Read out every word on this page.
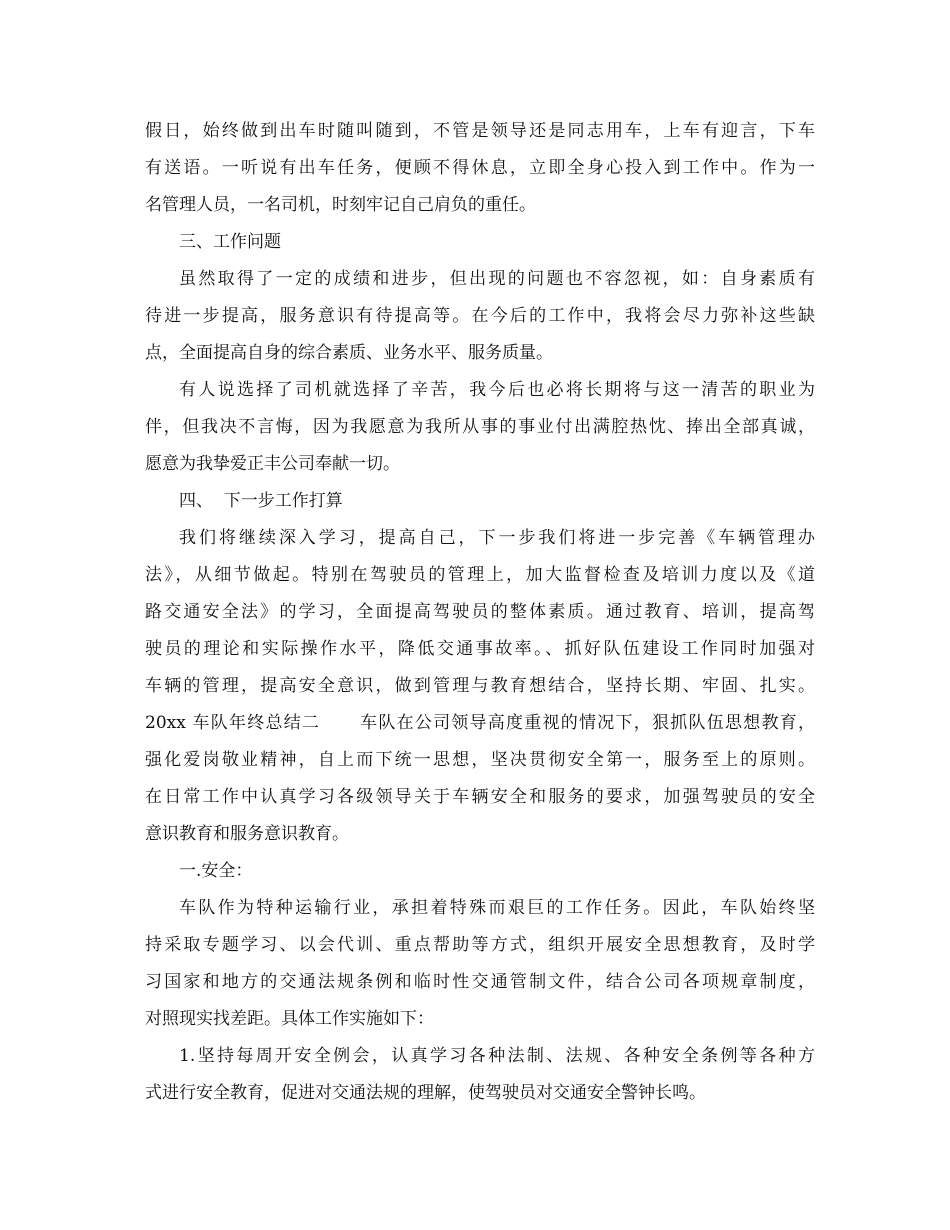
假日，始终做到出车时随叫随到，不管是领导还是同志用车，上车有迎言，下车
有送语。一听说有出车任务，便顾不得休息，立即全身心投入到工作中。作为一
名管理人员，一名司机，时刻牢记自己肩负的重任。
三、工作问题
虽然取得了一定的成绩和进步，但出现的问题也不容忽视，如：自身素质有
待进一步提高，服务意识有待提高等。在今后的工作中，我将会尽力弥补这些缺
点，全面提高自身的综合素质、业务水平、服务质量。
有人说选择了司机就选择了辛苦，我今后也必将长期将与这一清苦的职业为
伴，但我决不言悔，因为我愿意为我所从事的事业付出满腔热忱、捧出全部真诚，
愿意为我挚爱正丰公司奉献一切。
四、  下一步工作打算
我们将继续深入学习，提高自己，下一步我们将进一步完善《车辆管理办
法》，从细节做起。特别在驾驶员的管理上，加大监督检查及培训力度以及《道
路交通安全法》的学习，全面提高驾驶员的整体素质。通过教育、培训，提高驾
驶员的理论和实际操作水平，降低交通事故率。、抓好队伍建设工作同时加强对
车辆的管理，提高安全意识，做到管理与教育想结合，坚持长期、牢固、扎实。
20xx 车队年终总结二      车队在公司领导高度重视的情况下，狠抓队伍思想教育，
强化爱岗敬业精神，自上而下统一思想，坚决贯彻安全第一，服务至上的原则。
在日常工作中认真学习各级领导关于车辆安全和服务的要求，加强驾驶员的安全
意识教育和服务意识教育。
一.安全：
车队作为特种运输行业，承担着特殊而艰巨的工作任务。因此，车队始终坚
持采取专题学习、以会代训、重点帮助等方式，组织开展安全思想教育，及时学
习国家和地方的交通法规条例和临时性交通管制文件，结合公司各项规章制度，
对照现实找差距。具体工作实施如下：
1.坚持每周开安全例会，认真学习各种法制、法规、各种安全条例等各种方
式进行安全教育，促进对交通法规的理解，使驾驶员对交通安全警钟长鸣。
